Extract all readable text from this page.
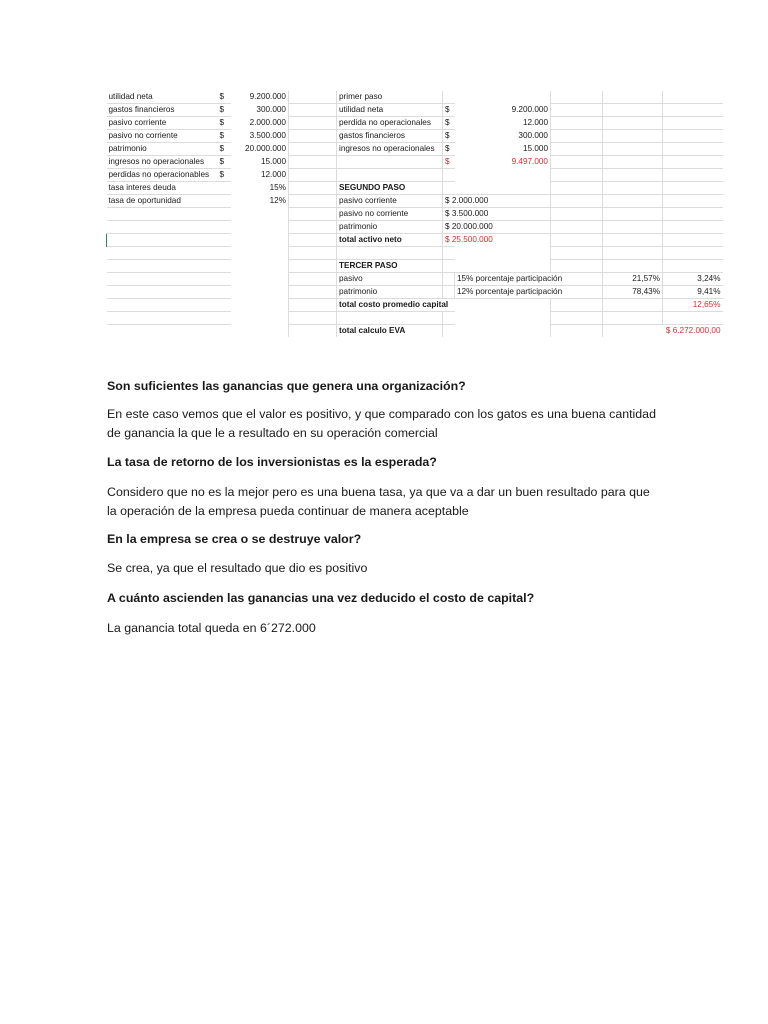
utilidad neta	$	9.200.000		primer paso					
gastos financieros	$	300.000		utilidad neta	$	9.200.000			
pasivo corriente	$	2.000.000		perdida no operacionales	$	12.000			
pasivo no corriente	$	3.500.000		gastos financieros	$	300.000			
patrimonio	$	20.000.000		ingresos no operacionales	$	15.000			
ingresos no operacionales	$	15.000			$	9.497.000			
perdidas no operacionables	$	12.000							
tasa interes deuda		15%		SEGUNDO PASO					
tasa de oportunidad		12%		pasivo corriente	$ 2.000.000				
				pasivo no corriente	$ 3.500.000				
				patrimonio	$ 20.000.000				
				total activo neto	$ 25.500.000				

				TERCER PASO					
				pasivo		15% porcentaje participación		21,57%	3,24%
				patrimonio		12% porcentaje participación		78,43%	9,41%
				total costo promedio capital					12,65%

				total calculo EVA				$ 6.272.000,00	

Son suficientes las ganancias que genera una organización?

En este caso vemos que el valor es positivo, y que comparado con los gatos es una buena cantidad

de ganancia la que le a resultado en su operación comercial

La tasa de retorno de los inversionistas es la esperada?

Considero que no es la mejor pero es una buena tasa, ya que va a dar un buen resultado para que

la operación de la empresa pueda continuar de manera aceptable

En la empresa se crea o se destruye valor?

Se crea, ya que el resultado que dio es positivo

A cuánto ascienden las ganancias una vez deducido el costo de capital?

La ganancia total queda en 6´272.000
